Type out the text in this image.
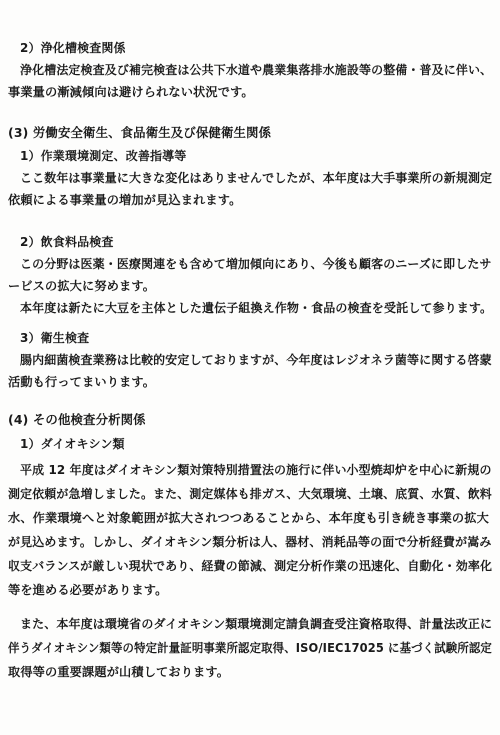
2）浄化槽検査関係
浄化槽法定検査及び補完検査は公共下水道や農業集落排水施設等の整備・普及に伴い、
事業量の漸減傾向は避けられない状況です。
(3) 労働安全衛生、食品衛生及び保健衛生関係
1）作業環境測定、改善指導等
ここ数年は事業量に大きな変化はありませんでしたが、本年度は大手事業所の新規測定
依頼による事業量の増加が見込まれます。
2）飲食料品検査
この分野は医薬・医療関連をも含めて増加傾向にあり、今後も顧客のニーズに即したサ
ービスの拡大に努めます。
本年度は新たに大豆を主体とした遺伝子組換え作物・食品の検査を受託して参ります。
3）衛生検査
腸内細菌検査業務は比較的安定しておりますが、今年度はレジオネラ菌等に関する啓蒙
活動も行ってまいります。
(4) その他検査分析関係
1）ダイオキシン類
平成 12 年度はダイオキシン類対策特別措置法の施行に伴い小型焼却炉を中心に新規の
測定依頼が急増しました。また、測定媒体も排ガス、大気環境、土壌、底質、水質、飲料
水、作業環境へと対象範囲が拡大されつつあることから、本年度も引き続き事業の拡大
が見込めます。しかし、ダイオキシン類分析は人、器材、消耗品等の面で分析経費が嵩み
収支バランスが厳しい現状であり、経費の節減、測定分析作業の迅速化、自動化・効率化
等を進める必要があります。
また、本年度は環境省のダイオキシン類環境測定請負調査受注資格取得、計量法改正に
伴うダイオキシン類等の特定計量証明事業所認定取得、ISO/IEC17025 に基づく試験所認定
取得等の重要課題が山積しております。
